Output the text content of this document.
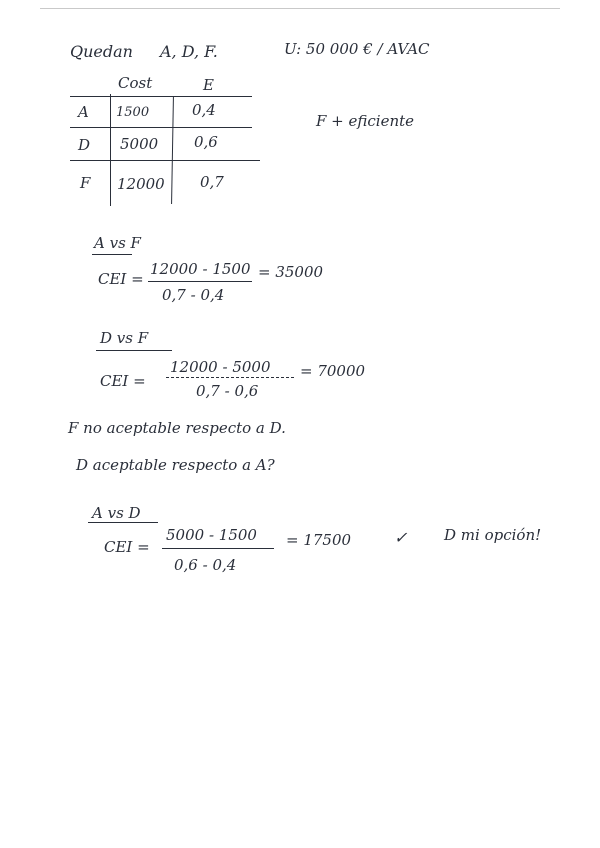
Quedan A, D, F.	U: 50 000 € / AVAC
Cost	E
A 1500	0,4
D 5000 0,6
F 12000 0,7
F + eficiente
A vs F
CEI =
12000 - 1500
0,7 - 0,4
= 35000
D vs F
CEI =
12000 - 5000
0,7 - 0,6
= 70000
F no aceptable respecto a D.
D aceptable respecto a A?
A vs D
CEI =
5000 - 1500
0,6 - 0,4
= 17500	✓ D mi opción!
